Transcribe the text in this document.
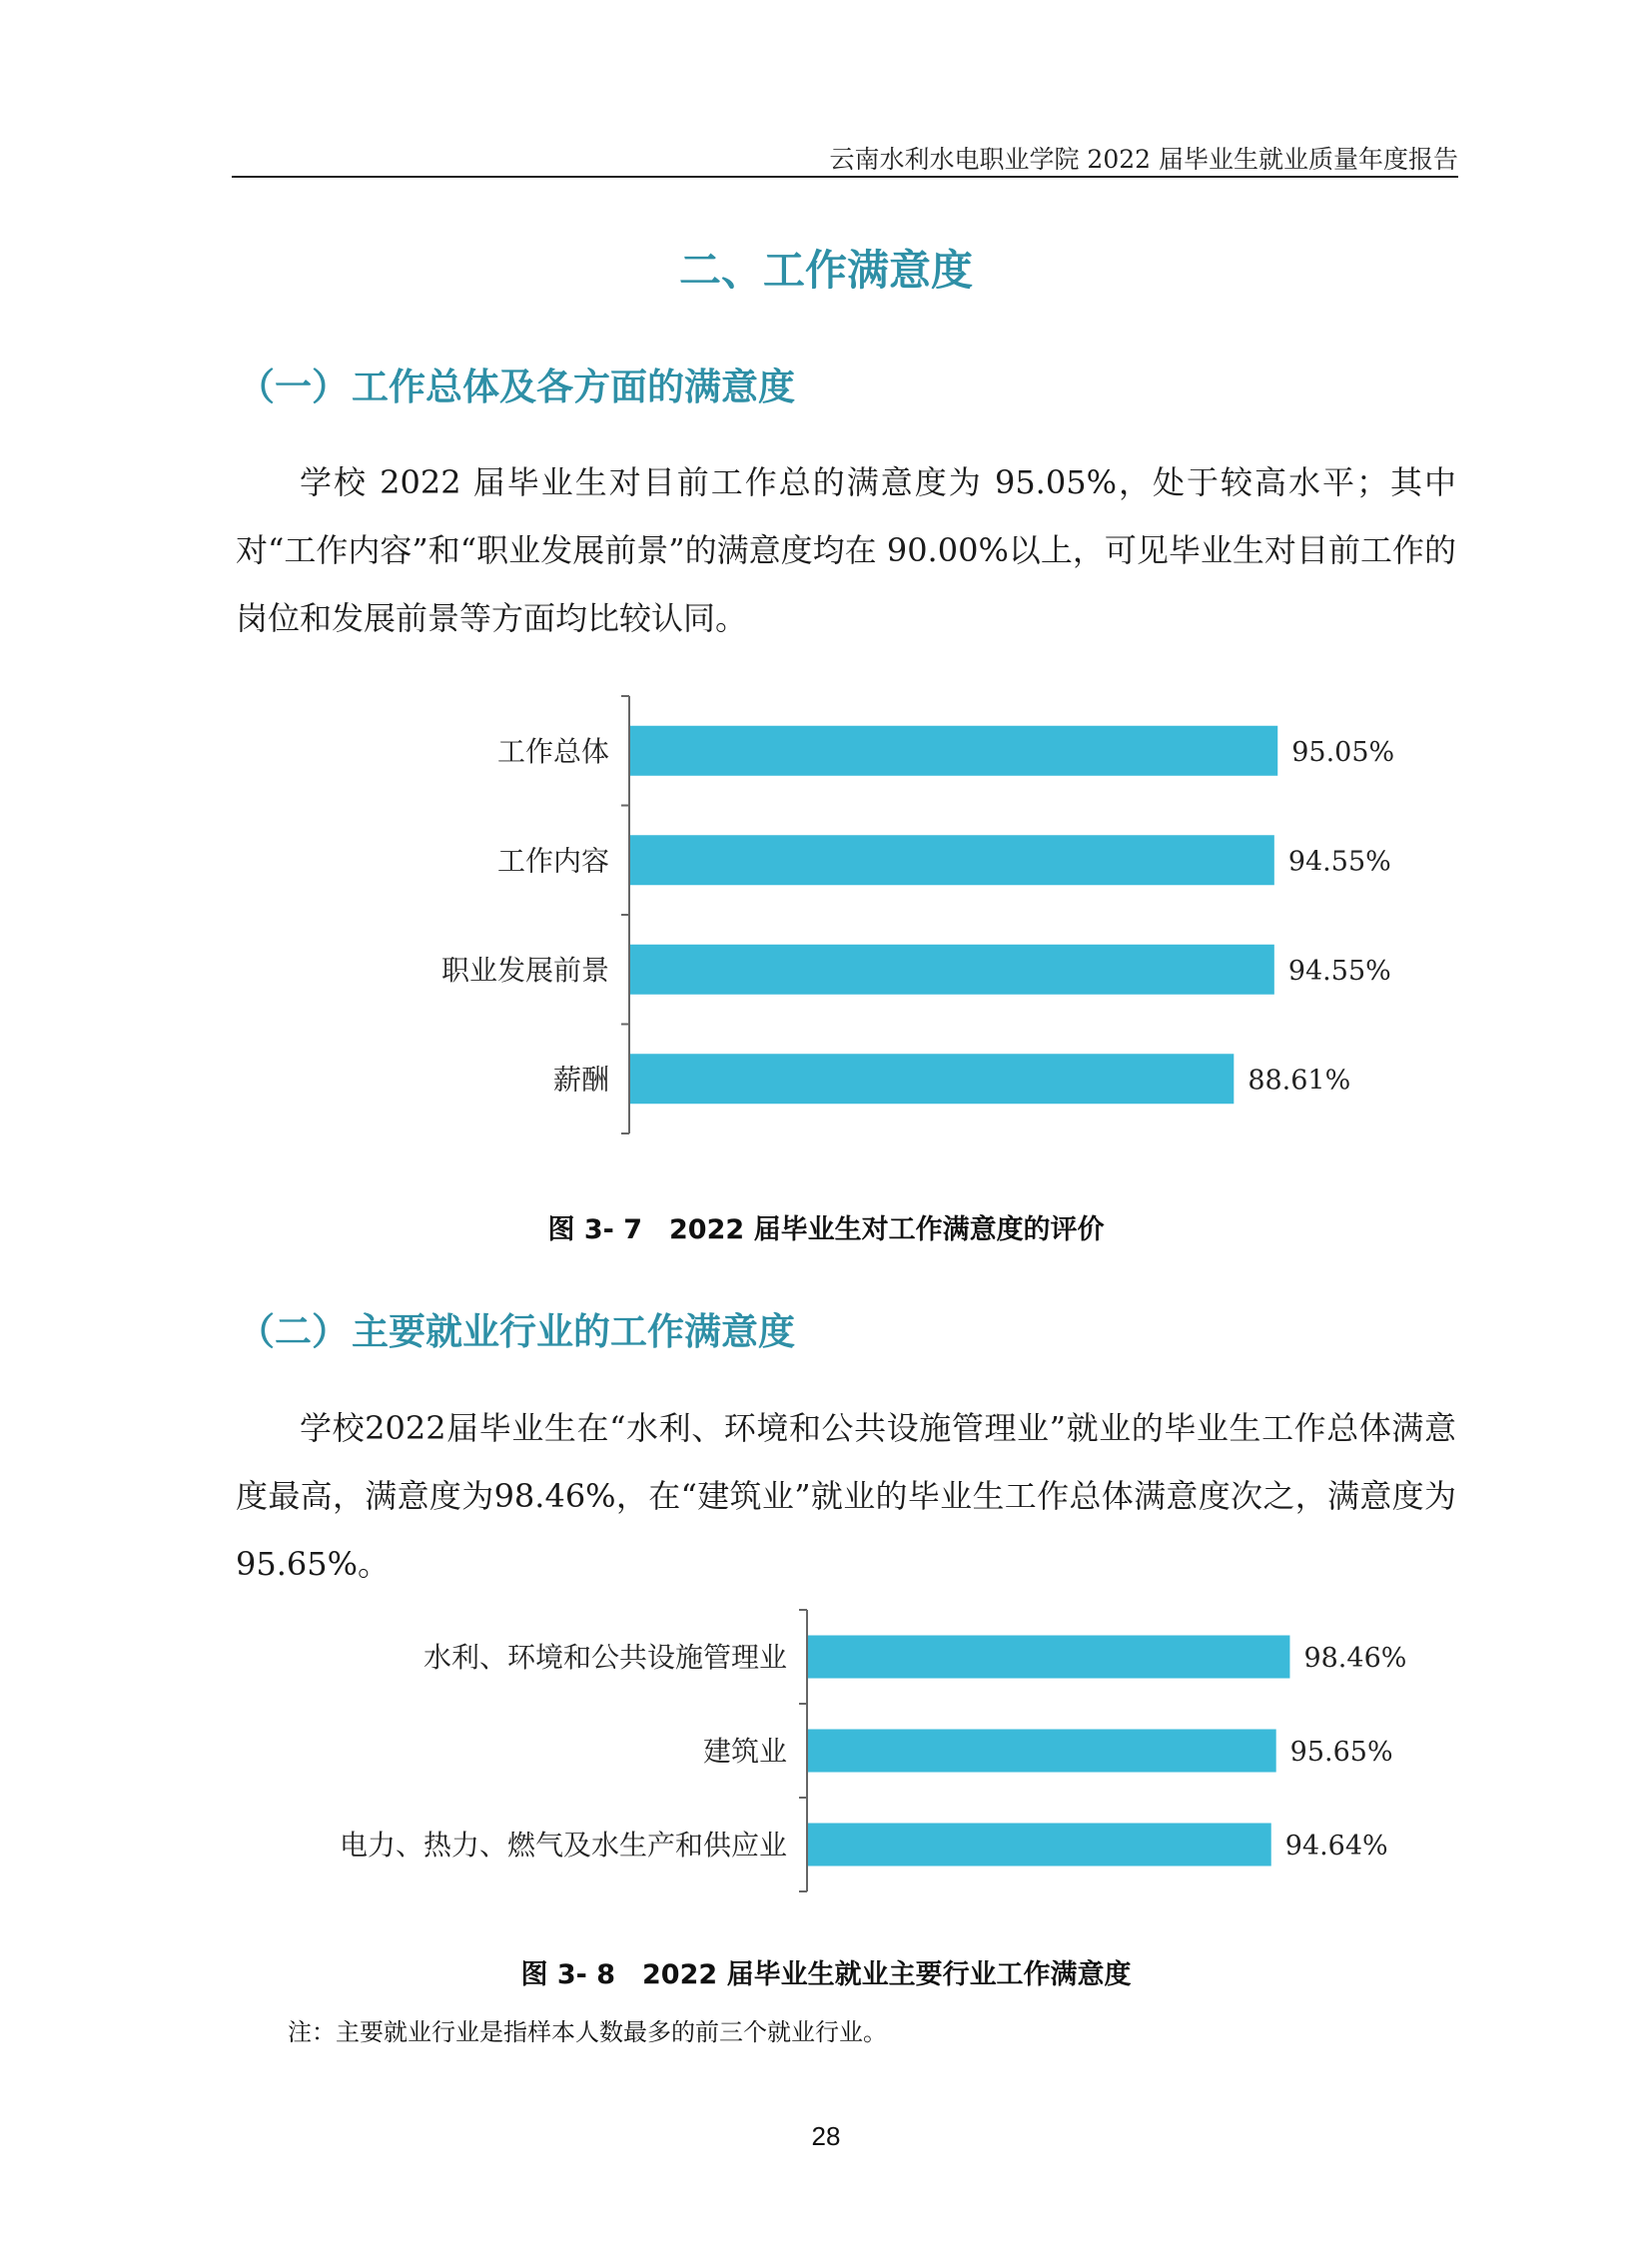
云南水利水电职业学院 2022 届毕业生就业质量年度报告
二、工作满意度
（一）工作总体及各方面的满意度

学校 2022 届毕业生对目前工作总的满意度为 95.05%，处于较高水平；其中对“工作内容”和“职业发展前景”的满意度均在 90.00%以上，可见毕业生对目前工作的岗位和发展前景等方面均比较认同。

工作总体	95.05%
工作内容	94.55%
职业发展前景	94.55%
薪酬	88.61%
图 3- 7　2022 届毕业生对工作满意度的评价
（二）主要就业行业的工作满意度

学校2022届毕业生在“水利、环境和公共设施管理业”就业的毕业生工作总体满意度最高，满意度为98.46%，在“建筑业”就业的毕业生工作总体满意度次之，满意度为95.65%。

水利、环境和公共设施管理业	98.46%
建筑业	95.65%
电力、热力、燃气及水生产和供应业	94.64%
图 3- 8　2022 届毕业生就业主要行业工作满意度
注：主要就业行业是指样本人数最多的前三个就业行业。
28
